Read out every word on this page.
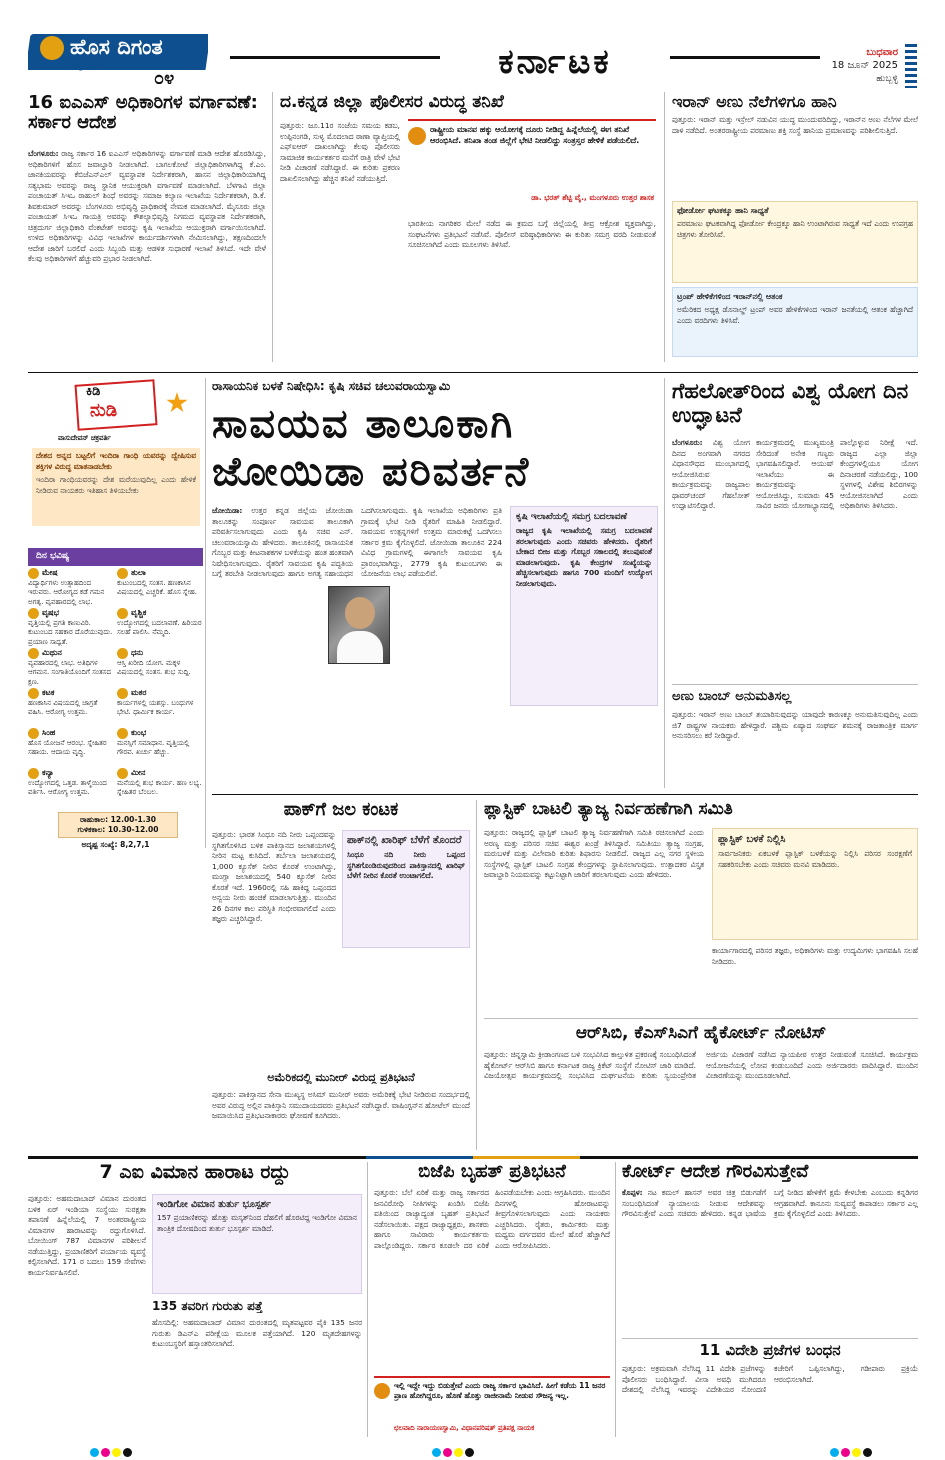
ಹೊಸ ದಿಗಂತ
ರಾಷ್ಟ್ರ ಜಾಗೃತಿಯ ಧ್ವನಿ
೦೪	ಕರ್ನಾಟಕ	ಬುಧವಾರ
18 ಜೂನ್ 2025
ಹುಬ್ಬಳ್ಳಿ
16 ಐಎಎಸ್ ಅಧಿಕಾರಿಗಳ ವರ್ಗಾವಣೆ: ಸರ್ಕಾರ ಆದೇಶ
ಬೆಂಗಳೂರು: ರಾಜ್ಯ ಸರ್ಕಾರ 16 ಐಎಎಸ್ ಅಧಿಕಾರಿಗಳನ್ನು ವರ್ಗಾವಣೆ ಮಾಡಿ ಆದೇಶ ಹೊರಡಿಸಿದ್ದು, ಅಧಿಕಾರಿಗಳಿಗೆ ಹೊಸ ಜವಾಬ್ದಾರಿ ನೀಡಲಾಗಿದೆ. ಬಾಗಲಕೋಟೆ ಜಿಲ್ಲಾಧಿಕಾರಿಗಳಾಗಿದ್ದ ಕೆ.ಎಂ. ಜಾನಕಿಯವರನ್ನು ಕೆಬಿಜೆಎನ್‌ಎಲ್ ವ್ಯವಸ್ಥಾಪಕ ನಿರ್ದೇಶಕರಾಗಿ, ಹಾಸನ ಜಿಲ್ಲಾಧಿಕಾರಿಯಾಗಿದ್ದ ಸತ್ಯಭಾಮ ಅವರನ್ನು ರಾಜ್ಯ ಸ್ಥಾನಿಕ ಆಯುಕ್ತರಾಗಿ ವರ್ಗಾವಣೆ ಮಾಡಲಾಗಿದೆ. ಬೆಳಗಾವಿ ಜಿಲ್ಲಾ ಪಂಚಾಯತ್ ಸಿಇಒ ರಾಹುಲ್ ಶಿಂಧೆ ಅವರನ್ನು ಸಮಾಜ ಕಲ್ಯಾಣ ಇಲಾಖೆಯ ನಿರ್ದೇಶಕರಾಗಿ, ಡಿ.ಕೆ. ಶಿವಕುಮಾರ್ ಅವರನ್ನು ಬೆಂಗಳೂರು ಅಭಿವೃದ್ಧಿ ಪ್ರಾಧಿಕಾರಕ್ಕೆ ನೇಮಕ ಮಾಡಲಾಗಿದೆ. ಮೈಸೂರು ಜಿಲ್ಲಾ ಪಂಚಾಯತ್ ಸಿಇಒ ಗಾಯತ್ರಿ ಅವರನ್ನು ಕೌಶಲ್ಯಾಭಿವೃದ್ಧಿ ನಿಗಮದ ವ್ಯವಸ್ಥಾಪಕ ನಿರ್ದೇಶಕರಾಗಿ, ಚಿತ್ರದುರ್ಗ ಜಿಲ್ಲಾಧಿಕಾರಿ ವೆಂಕಟೇಶ್ ಅವರನ್ನು ಕೃಷಿ ಇಲಾಖೆಯ ಆಯುಕ್ತರಾಗಿ ವರ್ಗಾಯಿಸಲಾಗಿದೆ. ಉಳಿದ ಅಧಿಕಾರಿಗಳನ್ನು ವಿವಿಧ ಇಲಾಖೆಗಳ ಕಾರ್ಯದರ್ಶಿಗಳಾಗಿ ನೇಮಿಸಲಾಗಿದ್ದು, ತಕ್ಷಣದಿಂದಲೇ ಆದೇಶ ಜಾರಿಗೆ ಬರಲಿದೆ ಎಂದು ಸಿಬ್ಬಂದಿ ಮತ್ತು ಆಡಳಿತ ಸುಧಾರಣೆ ಇಲಾಖೆ ತಿಳಿಸಿದೆ. ಇದೇ ವೇಳೆ ಕೆಲವು ಅಧಿಕಾರಿಗಳಿಗೆ ಹೆಚ್ಚುವರಿ ಪ್ರಭಾರ ನೀಡಲಾಗಿದೆ.
ದ.ಕನ್ನಡ ಜಿಲ್ಲಾ ಪೊಲೀಸರ ವಿರುದ್ಧ ತನಿಖೆ
ಪುತ್ತೂರು: ಜೂ.11ರ ಸಂಜೆಯ ಸಮಯ ಕಡಬ, ಉಪ್ಪಿನಂಗಡಿ, ಸುಳ್ಯ ಮೊದಲಾದ ಠಾಣಾ ವ್ಯಾಪ್ತಿಯಲ್ಲಿ ಎಫ್‌ಐಆರ್ ದಾಖಲಾಗಿದ್ದು ಕೆಲವು ಪೊಲೀಸರು ಸಾಮಾಜಿಕ ಕಾರ್ಯಕರ್ತರ ಮನೆಗೆ ರಾತ್ರಿ ವೇಳೆ ಭೇಟಿ ನೀಡಿ ವಿಚಾರಣೆ ನಡೆಸಿದ್ದಾರೆ. ಈ ಕುರಿತು ಪ್ರಕರಣ ದಾಖಲಿಸಲಾಗಿದ್ದು ಹೆಚ್ಚಿನ ತನಿಖೆ ನಡೆಯುತ್ತಿದೆ.
ರಾಷ್ಟ್ರೀಯ ಮಾನವ ಹಕ್ಕು ಆಯೋಗಕ್ಕೆ ದೂರು ನೀಡಿದ್ದ ಹಿನ್ನೆಲೆಯಲ್ಲಿ ಈಗ ತನಿಖೆ ಆರಂಭಿಸಿದೆ. ತನಿಖಾ ತಂಡ ಜಿಲ್ಲೆಗೆ ಭೇಟಿ ನೀಡಲಿದ್ದು ಸಂತ್ರಸ್ತರ ಹೇಳಿಕೆ ಪಡೆಯಲಿದೆ.
ಡಾ. ಭರತ್ ಶೆಟ್ಟಿ ವೈ., ಮಂಗಳೂರು ಉತ್ತರ ಶಾಸಕ
ಭಾರತೀಯ ನಾಗರಿಕರ ಮೇಲೆ ನಡೆದ ಈ ಕ್ರಮದ ಬಗ್ಗೆ ಜಿಲ್ಲೆಯಲ್ಲಿ ತೀವ್ರ ಆಕ್ರೋಶ ವ್ಯಕ್ತವಾಗಿದ್ದು, ಸಂಘಟನೆಗಳು ಪ್ರತಿಭಟನೆ ನಡೆಸಿವೆ. ಪೊಲೀಸ್ ವರಿಷ್ಠಾಧಿಕಾರಿಗಳು ಈ ಕುರಿತು ಸಮಗ್ರ ವರದಿ ನೀಡುವಂತೆ ಸೂಚಿಸಲಾಗಿದೆ ಎಂದು ಮೂಲಗಳು ತಿಳಿಸಿವೆ.
ಇರಾನ್ ಅಣು ನೆಲೆಗಳಿಗೂ ಹಾನಿ
ಪುತ್ತೂರು: ಇರಾನ್ ಮತ್ತು ಇಸ್ರೇಲ್ ನಡುವಿನ ಯುದ್ಧ ಮುಂದುವರಿದಿದ್ದು, ಇರಾನ್‌ನ ಅಣು ನೆಲೆಗಳ ಮೇಲೆ ದಾಳಿ ನಡೆದಿದೆ. ಅಂತರರಾಷ್ಟ್ರೀಯ ಪರಮಾಣು ಶಕ್ತಿ ಸಂಸ್ಥೆ ಹಾನಿಯ ಪ್ರಮಾಣವನ್ನು ಪರಿಶೀಲಿಸುತ್ತಿದೆ.
ಫೋರ್ಡೋ ಘಟಕಕ್ಕೂ ಹಾನಿ ಸಾಧ್ಯತೆ
ಪರಮಾಣು ಘಟಕವಾಗಿದ್ದ ಫೋರ್ಡೋ ಕೇಂದ್ರಕ್ಕೂ ಹಾನಿ ಉಂಟಾಗಿರುವ ಸಾಧ್ಯತೆ ಇದೆ ಎಂದು ಉಪಗ್ರಹ ಚಿತ್ರಗಳು ತೋರಿಸಿವೆ.
ಟ್ರಂಪ್ ಹೇಳಿಕೆಗಳಿಂದ ಇರಾನ್‌ನಲ್ಲಿ ಆತಂಕ
ಅಮೆರಿಕದ ಅಧ್ಯಕ್ಷ ಡೊನಾಲ್ಡ್ ಟ್ರಂಪ್ ಅವರ ಹೇಳಿಕೆಗಳಿಂದ ಇರಾನ್ ಜನತೆಯಲ್ಲಿ ಆತಂಕ ಹೆಚ್ಚಾಗಿದೆ ಎಂದು ವರದಿಗಳು ತಿಳಿಸಿವೆ.
ಕಿಡಿ
ನುಡಿ
ವಾಸುದೇವನ್ ಚಕ್ರವರ್ತಿ
ದೇಶದ ಅನ್ನದ ಬಟ್ಟಲಿಗೆ ಇಂದಿರಾ ಗಾಂಧಿ ಯವರನ್ನು ದ್ವೇಷಿಸುವ ಶಕ್ತಿಗಳ ವಿರುದ್ಧ ಮಾತನಾಡಬೇಕು
ಇಂದಿರಾ ಗಾಂಧಿಯವರನ್ನು ದೇಶ ಮರೆಯುವುದಿಲ್ಲ ಎಂದು ಹೇಳಿಕೆ ನೀಡಿರುವ ನಾಯಕರು ಇತಿಹಾಸ ತಿಳಿಯಬೇಕು
ದಿನ ಭವಿಷ್ಯ
ಮೇಷ
ವಿದ್ಯಾರ್ಥಿಗಳು ಉತ್ಸಾಹದಿಂದ ಇರುವರು. ಆರೋಗ್ಯದ ಕಡೆ ಗಮನ ಅಗತ್ಯ. ವ್ಯವಹಾರದಲ್ಲಿ ಲಾಭ.
ತುಲಾ
ಕುಟುಂಬದಲ್ಲಿ ಸಂತಸ. ಹಣಕಾಸಿನ ವಿಷಯದಲ್ಲಿ ಎಚ್ಚರಿಕೆ. ಹೊಸ ಸ್ನೇಹ.
ವೃಷಭ
ವೃತ್ತಿಯಲ್ಲಿ ಪ್ರಗತಿ ಕಾಣುವಿರಿ. ಕುಟುಂಬದ ಸಹಕಾರ ದೊರೆಯುವುದು. ಪ್ರಯಾಣ ಸಾಧ್ಯತೆ.
ವೃಶ್ಚಿಕ
ಉದ್ಯೋಗದಲ್ಲಿ ಬದಲಾವಣೆ. ಹಿರಿಯರ ಸಲಹೆ ಪಾಲಿಸಿ. ನೆಮ್ಮದಿ.
ಮಿಥುನ
ವ್ಯವಹಾರದಲ್ಲಿ ಲಾಭ. ಅತಿಥಿಗಳ ಆಗಮನ. ಸಂಗಾತಿಯೊಂದಿಗೆ ಸಂತಸದ ಕ್ಷಣ.
ಧನು
ಆಸ್ತಿ ಖರೀದಿ ಯೋಗ. ಮಕ್ಕಳ ವಿಷಯದಲ್ಲಿ ಸಂತಸ. ಶುಭ ಸುದ್ದಿ.
ಕಟಕ
ಹಣಕಾಸಿನ ವಿಷಯದಲ್ಲಿ ಜಾಗ್ರತೆ ವಹಿಸಿ. ಆರೋಗ್ಯ ಉತ್ತಮ.
ಮಕರ
ಕಾರ್ಯಗಳಲ್ಲಿ ಯಶಸ್ಸು. ಬಂಧುಗಳ ಭೇಟಿ. ಧಾರ್ಮಿಕ ಕಾರ್ಯ.
ಸಿಂಹ
ಹೊಸ ಯೋಜನೆ ಆರಂಭ. ಸ್ನೇಹಿತರ ಸಹಾಯ. ಆದಾಯ ವೃದ್ಧಿ.
ಕುಂಭ
ಮನಸ್ಸಿಗೆ ಸಮಾಧಾನ. ವೃತ್ತಿಯಲ್ಲಿ ಗೌರವ. ಖರ್ಚು ಹೆಚ್ಚು.
ಕನ್ಯಾ
ಉದ್ಯೋಗದಲ್ಲಿ ಒತ್ತಡ. ತಾಳ್ಮೆಯಿಂದ ವರ್ತಿಸಿ. ಆರೋಗ್ಯ ಉತ್ತಮ.
ಮೀನ
ಮನೆಯಲ್ಲಿ ಶುಭ ಕಾರ್ಯ. ಹಣ ಲಭ್ಯ. ಸ್ನೇಹಿತರ ಬೆಂಬಲ.
ರಾಹುಕಾಲ: 12.00-1.30
ಗುಳಿಕಕಾಲ: 10.30-12.00
ಅದೃಷ್ಟ ಸಂಖ್ಯೆ: 8,2,7,1
ರಾಸಾಯನಿಕ ಬಳಕೆ ನಿಷೇಧಿಸಿ: ಕೃಷಿ ಸಚಿವ ಚಲುವರಾಯಸ್ವಾಮಿ
ಸಾವಯವ ತಾಲೂಕಾಗಿ
ಜೋಯಿಡಾ ಪರಿವರ್ತನೆ
ಜೋಯಿಡಾ: ಉತ್ತರ ಕನ್ನಡ ಜಿಲ್ಲೆಯ ಜೋಯಿಡಾ ತಾಲೂಕನ್ನು ಸಂಪೂರ್ಣ ಸಾವಯವ ತಾಲೂಕಾಗಿ ಪರಿವರ್ತಿಸಲಾಗುವುದು ಎಂದು ಕೃಷಿ ಸಚಿವ ಎನ್. ಚಲುವರಾಯಸ್ವಾಮಿ ಹೇಳಿದರು. ತಾಲೂಕಿನಲ್ಲಿ ರಾಸಾಯನಿಕ ಗೊಬ್ಬರ ಮತ್ತು ಕೀಟನಾಶಕಗಳ ಬಳಕೆಯನ್ನು ಹಂತ ಹಂತವಾಗಿ ನಿಷೇಧಿಸಲಾಗುವುದು. ರೈತರಿಗೆ ಸಾವಯವ ಕೃಷಿ ಪದ್ಧತಿಯ ಬಗ್ಗೆ ತರಬೇತಿ ನೀಡಲಾಗುವುದು ಹಾಗೂ ಅಗತ್ಯ ಸಹಾಯಧನ ಒದಗಿಸಲಾಗುವುದು. ಕೃಷಿ ಇಲಾಖೆಯ ಅಧಿಕಾರಿಗಳು ಪ್ರತಿ ಗ್ರಾಮಕ್ಕೆ ಭೇಟಿ ನೀಡಿ ರೈತರಿಗೆ ಮಾಹಿತಿ ನೀಡಲಿದ್ದಾರೆ. ಸಾವಯವ ಉತ್ಪನ್ನಗಳಿಗೆ ಉತ್ತಮ ಮಾರುಕಟ್ಟೆ ಒದಗಿಸಲು ಸರ್ಕಾರ ಕ್ರಮ ಕೈಗೊಳ್ಳಲಿದೆ. ಜೋಯಿಡಾ ತಾಲೂಕಿನ 224 ವಿವಿಧ ಗ್ರಾಮಗಳಲ್ಲಿ ಈಗಾಗಲೇ ಸಾವಯವ ಕೃಷಿ ಪ್ರಾರಂಭವಾಗಿದ್ದು, 2779 ಕೃಷಿ ಕುಟುಂಬಗಳು ಈ ಯೋಜನೆಯ ಲಾಭ ಪಡೆಯಲಿವೆ.
ಕೃಷಿ ಇಲಾಖೆಯಲ್ಲಿ ಸಮಗ್ರ ಬದಲಾವಣೆ
ರಾಜ್ಯದ ಕೃಷಿ ಇಲಾಖೆಯಲ್ಲಿ ಸಮಗ್ರ ಬದಲಾವಣೆ ತರಲಾಗುವುದು ಎಂದು ಸಚಿವರು ಹೇಳಿದರು. ರೈತರಿಗೆ ಬೇಕಾದ ಬೀಜ ಮತ್ತು ಗೊಬ್ಬರ ಸಕಾಲದಲ್ಲಿ ತಲುಪುವಂತೆ ಮಾಡಲಾಗುವುದು. ಕೃಷಿ ಕೇಂದ್ರಗಳ ಸಂಖ್ಯೆಯನ್ನು ಹೆಚ್ಚಿಸಲಾಗುವುದು ಹಾಗೂ 700 ಮಂದಿಗೆ ಉದ್ಯೋಗ ನೀಡಲಾಗುವುದು.
ಗೆಹಲೋತ್‌ರಿಂದ ವಿಶ್ವ ಯೋಗ ದಿನ ಉದ್ಘಾಟನೆ
ಬೆಂಗಳೂರು: ವಿಶ್ವ ಯೋಗ ದಿನದ ಅಂಗವಾಗಿ ನಗರದ ವಿಧಾನಸೌಧದ ಮುಂಭಾಗದಲ್ಲಿ ಆಯೋಜಿಸಿರುವ ಕಾರ್ಯಕ್ರಮವನ್ನು ರಾಜ್ಯಪಾಲ ಥಾವರ್‌ಚಂದ್ ಗೆಹಲೋತ್ ಉದ್ಘಾಟಿಸಲಿದ್ದಾರೆ. ಕಾರ್ಯಕ್ರಮದಲ್ಲಿ ಮುಖ್ಯಮಂತ್ರಿ ಸೇರಿದಂತೆ ಅನೇಕ ಗಣ್ಯರು ಭಾಗವಹಿಸಲಿದ್ದಾರೆ. ಆಯುಷ್ ಇಲಾಖೆಯು ಈ ಕಾರ್ಯಕ್ರಮವನ್ನು ಆಯೋಜಿಸಿದ್ದು, ಸುಮಾರು 45 ಸಾವಿರ ಜನರು ಯೋಗಾಭ್ಯಾಸದಲ್ಲಿ ಪಾಲ್ಗೊಳ್ಳುವ ನಿರೀಕ್ಷೆ ಇದೆ. ರಾಜ್ಯದ ಎಲ್ಲಾ ಜಿಲ್ಲಾ ಕೇಂದ್ರಗಳಲ್ಲಿಯೂ ಯೋಗ ದಿನಾಚರಣೆ ನಡೆಯಲಿದ್ದು, 100 ಸ್ಥಳಗಳಲ್ಲಿ ವಿಶೇಷ ಶಿಬಿರಗಳನ್ನು ಆಯೋಜಿಸಲಾಗಿದೆ ಎಂದು ಅಧಿಕಾರಿಗಳು ತಿಳಿಸಿದರು.
ಅಣು ಬಾಂಬ್ ಅನುಮತಿಸಲ್ಲ
ಪುತ್ತೂರು: ಇರಾನ್ ಅಣು ಬಾಂಬ್ ತಯಾರಿಸುವುದನ್ನು ಯಾವುದೇ ಕಾರಣಕ್ಕೂ ಅನುಮತಿಸುವುದಿಲ್ಲ ಎಂದು ಜಿ7 ರಾಷ್ಟ್ರಗಳ ನಾಯಕರು ಹೇಳಿದ್ದಾರೆ. ಪಶ್ಚಿಮ ಏಷ್ಯಾದ ಸಂಘರ್ಷ ಶಮನಕ್ಕೆ ರಾಜತಾಂತ್ರಿಕ ಮಾರ್ಗ ಅನುಸರಿಸಲು ಕರೆ ನೀಡಿದ್ದಾರೆ.
ಪಾಕ್‌ಗೆ ಜಲ ಕಂಟಕ
ಪುತ್ತೂರು: ಭಾರತ ಸಿಂಧೂ ನದಿ ನೀರು ಒಪ್ಪಂದವನ್ನು ಸ್ಥಗಿತಗೊಳಿಸಿದ ಬಳಿಕ ಪಾಕಿಸ್ತಾನದ ಜಲಾಶಯಗಳಲ್ಲಿ ನೀರಿನ ಮಟ್ಟ ಕುಸಿದಿದೆ. ತರ್ಬೆಲಾ ಜಲಾಶಯದಲ್ಲಿ 1,000 ಕ್ಯೂಸೆಕ್ ನೀರಿನ ಕೊರತೆ ಉಂಟಾಗಿದ್ದು, ಮಂಗ್ಲಾ ಜಲಾಶಯದಲ್ಲಿ 540 ಕ್ಯೂಸೆಕ್ ನೀರಿನ ಕೊರತೆ ಇದೆ. 1960ರಲ್ಲಿ ಸಹಿ ಹಾಕಿದ್ದ ಒಪ್ಪಂದದ ಅನ್ವಯ ನೀರು ಹಂಚಿಕೆ ಮಾಡಲಾಗುತ್ತಿತ್ತು. ಮುಂದಿನ 26 ದಿನಗಳ ಕಾಲ ಪರಿಸ್ಥಿತಿ ಗಂಭೀರವಾಗಲಿದೆ ಎಂದು ತಜ್ಞರು ಎಚ್ಚರಿಸಿದ್ದಾರೆ.
ಪಾಕ್‌ನಲ್ಲಿ ಖಾರಿಫ್ ಬೆಳೆಗೆ ತೊಂದರೆ
ಸಿಂಧೂ ನದಿ ನೀರು ಒಪ್ಪಂದ ಸ್ಥಗಿತಗೊಂಡಿರುವುದರಿಂದ ಪಾಕಿಸ್ತಾನದಲ್ಲಿ ಖಾರಿಫ್ ಬೆಳೆಗೆ ನೀರಿನ ಕೊರತೆ ಉಂಟಾಗಲಿದೆ.
ಅಮೆರಿಕದಲ್ಲಿ ಮುನೀರ್ ವಿರುದ್ಧ ಪ್ರತಿಭಟನೆ
ಪುತ್ತೂರು: ಪಾಕಿಸ್ತಾನದ ಸೇನಾ ಮುಖ್ಯಸ್ಥ ಅಸಿಮ್ ಮುನೀರ್ ಅವರು ಅಮೆರಿಕಕ್ಕೆ ಭೇಟಿ ನೀಡಿರುವ ಸಂದರ್ಭದಲ್ಲಿ ಅವರ ವಿರುದ್ಧ ಅಲ್ಲಿನ ಪಾಕಿಸ್ತಾನಿ ಸಮುದಾಯದವರು ಪ್ರತಿಭಟನೆ ನಡೆಸಿದ್ದಾರೆ. ವಾಷಿಂಗ್ಟನ್‌ನ ಹೋಟೆಲ್ ಮುಂದೆ ಜಮಾಯಿಸಿದ ಪ್ರತಿಭಟನಾಕಾರರು ಘೋಷಣೆ ಕೂಗಿದರು.
ಪ್ಲಾಸ್ಟಿಕ್ ಬಾಟಲಿ ತ್ಯಾಜ್ಯ ನಿರ್ವಹಣೆಗಾಗಿ ಸಮಿತಿ
ಪುತ್ತೂರು: ರಾಜ್ಯದಲ್ಲಿ ಪ್ಲಾಸ್ಟಿಕ್ ಬಾಟಲಿ ತ್ಯಾಜ್ಯ ನಿರ್ವಹಣೆಗಾಗಿ ಸಮಿತಿ ರಚಿಸಲಾಗಿದೆ ಎಂದು ಅರಣ್ಯ ಮತ್ತು ಪರಿಸರ ಸಚಿವ ಈಶ್ವರ ಖಂಡ್ರೆ ತಿಳಿಸಿದ್ದಾರೆ. ಸಮಿತಿಯು ತ್ಯಾಜ್ಯ ಸಂಗ್ರಹ, ಮರುಬಳಕೆ ಮತ್ತು ವಿಲೇವಾರಿ ಕುರಿತು ಶಿಫಾರಸು ನೀಡಲಿದೆ. ರಾಜ್ಯದ ಎಲ್ಲ ನಗರ ಸ್ಥಳೀಯ ಸಂಸ್ಥೆಗಳಲ್ಲಿ ಪ್ಲಾಸ್ಟಿಕ್ ಬಾಟಲಿ ಸಂಗ್ರಹ ಕೇಂದ್ರಗಳನ್ನು ಸ್ಥಾಪಿಸಲಾಗುವುದು. ಉತ್ಪಾದಕರ ವಿಸ್ತೃತ ಜವಾಬ್ದಾರಿ ನಿಯಮವನ್ನು ಕಟ್ಟುನಿಟ್ಟಾಗಿ ಜಾರಿಗೆ ತರಲಾಗುವುದು ಎಂದು ಹೇಳಿದರು.
ಪ್ಲಾಸ್ಟಿಕ್ ಬಳಕೆ ನಿಲ್ಲಿಸಿ
ಸಾರ್ವಜನಿಕರು ಏಕಬಳಕೆ ಪ್ಲಾಸ್ಟಿಕ್ ಬಳಕೆಯನ್ನು ನಿಲ್ಲಿಸಿ ಪರಿಸರ ಸಂರಕ್ಷಣೆಗೆ ಸಹಕರಿಸಬೇಕು ಎಂದು ಸಚಿವರು ಮನವಿ ಮಾಡಿದರು.
ಕಾರ್ಯಾಗಾರದಲ್ಲಿ ಪರಿಸರ ತಜ್ಞರು, ಅಧಿಕಾರಿಗಳು ಮತ್ತು ಉದ್ಯಮಿಗಳು ಭಾಗವಹಿಸಿ ಸಲಹೆ ನೀಡಿದರು.
ಆರ್‌ಸಿಬಿ, ಕೆಎಸ್‌ಸಿಎಗೆ ಹೈಕೋರ್ಟ್ ನೋಟಿಸ್
ಪುತ್ತೂರು: ಚಿನ್ನಸ್ವಾಮಿ ಕ್ರೀಡಾಂಗಣದ ಬಳಿ ಸಂಭವಿಸಿದ ಕಾಲ್ತುಳಿತ ಪ್ರಕರಣಕ್ಕೆ ಸಂಬಂಧಿಸಿದಂತೆ ಹೈಕೋರ್ಟ್ ಆರ್‌ಸಿಬಿ ಹಾಗೂ ಕರ್ನಾಟಕ ರಾಜ್ಯ ಕ್ರಿಕೆಟ್ ಸಂಸ್ಥೆಗೆ ನೋಟಿಸ್ ಜಾರಿ ಮಾಡಿದೆ. ವಿಜಯೋತ್ಸವ ಕಾರ್ಯಕ್ರಮದಲ್ಲಿ ಸಂಭವಿಸಿದ ದುರ್ಘಟನೆಯ ಕುರಿತು ಸ್ವಯಂಪ್ರೇರಿತ ಅರ್ಜಿಯ ವಿಚಾರಣೆ ನಡೆಸಿದ ನ್ಯಾಯಪೀಠ ಉತ್ತರ ನೀಡುವಂತೆ ಸೂಚಿಸಿದೆ. ಕಾರ್ಯಕ್ರಮ ಆಯೋಜನೆಯಲ್ಲಿ ಲೋಪ ಕಂಡುಬಂದಿದೆ ಎಂದು ಅರ್ಜಿದಾರರು ವಾದಿಸಿದ್ದಾರೆ. ಮುಂದಿನ ವಿಚಾರಣೆಯನ್ನು ಮುಂದೂಡಲಾಗಿದೆ.
7 ಎಐ ವಿಮಾನ ಹಾರಾಟ ರದ್ದು
ಪುತ್ತೂರು: ಅಹಮದಾಬಾದ್ ವಿಮಾನ ದುರಂತದ ಬಳಿಕ ಏರ್ ಇಂಡಿಯಾ ಸಂಸ್ಥೆಯು ಸುರಕ್ಷತಾ ತಪಾಸಣೆ ಹಿನ್ನೆಲೆಯಲ್ಲಿ 7 ಅಂತರರಾಷ್ಟ್ರೀಯ ವಿಮಾನಗಳ ಹಾರಾಟವನ್ನು ರದ್ದುಗೊಳಿಸಿದೆ. ಬೋಯಿಂಗ್ 787 ವಿಮಾನಗಳ ಪರಿಶೀಲನೆ ನಡೆಯುತ್ತಿದ್ದು, ಪ್ರಯಾಣಿಕರಿಗೆ ಪರ್ಯಾಯ ವ್ಯವಸ್ಥೆ ಕಲ್ಪಿಸಲಾಗಿದೆ. 171 ರ ಬದಲು 159 ಸೇವೆಗಳು ಕಾರ್ಯನಿರ್ವಹಿಸಲಿವೆ.
ಇಂಡಿಗೋ ವಿಮಾನ ತುರ್ತು ಭೂಸ್ಪರ್ಶ
157 ಪ್ರಯಾಣಿಕರನ್ನು ಹೊತ್ತು ಮಸ್ಕತ್‌ನಿಂದ ದೆಹಲಿಗೆ ಹೊರಟಿದ್ದ ಇಂಡಿಗೋ ವಿಮಾನ ತಾಂತ್ರಿಕ ದೋಷದಿಂದ ತುರ್ತು ಭೂಸ್ಪರ್ಶ ಮಾಡಿದೆ.
135 ತವರಿಗ ಗುರುತು ಪತ್ತೆ
ಹೊಸದಿಲ್ಲಿ: ಅಹಮದಾಬಾದ್ ವಿಮಾನ ದುರಂತದಲ್ಲಿ ಮೃತಪಟ್ಟವರ ಪೈಕಿ 135 ಜನರ ಗುರುತು ಡಿಎನ್‌ಎ ಪರೀಕ್ಷೆಯ ಮೂಲಕ ಪತ್ತೆಯಾಗಿದೆ. 120 ಮೃತದೇಹಗಳನ್ನು ಕುಟುಂಬಸ್ಥರಿಗೆ ಹಸ್ತಾಂತರಿಸಲಾಗಿದೆ.
ಬಿಜೆಪಿ ಬೃಹತ್ ಪ್ರತಿಭಟನೆ
ಪುತ್ತೂರು: ಬೆಲೆ ಏರಿಕೆ ಮತ್ತು ರಾಜ್ಯ ಸರ್ಕಾರದ ಜನವಿರೋಧಿ ನೀತಿಗಳನ್ನು ಖಂಡಿಸಿ ಬಿಜೆಪಿ ವತಿಯಿಂದ ರಾಜ್ಯಾದ್ಯಂತ ಬೃಹತ್ ಪ್ರತಿಭಟನೆ ನಡೆಸಲಾಯಿತು. ಪಕ್ಷದ ರಾಜ್ಯಾಧ್ಯಕ್ಷರು, ಶಾಸಕರು ಹಾಗೂ ಸಾವಿರಾರು ಕಾರ್ಯಕರ್ತರು ಪಾಲ್ಗೊಂಡಿದ್ದರು. ಸರ್ಕಾರ ಕೂಡಲೇ ದರ ಏರಿಕೆ ಹಿಂಪಡೆಯಬೇಕು ಎಂದು ಆಗ್ರಹಿಸಿದರು. ಮುಂದಿನ ದಿನಗಳಲ್ಲಿ ಹೋರಾಟವನ್ನು ತೀವ್ರಗೊಳಿಸಲಾಗುವುದು ಎಂದು ನಾಯಕರು ಎಚ್ಚರಿಸಿದರು. ರೈತರು, ಕಾರ್ಮಿಕರು ಮತ್ತು ಮಧ್ಯಮ ವರ್ಗದವರ ಮೇಲೆ ಹೊರೆ ಹೆಚ್ಚಾಗಿದೆ ಎಂದು ಆರೋಪಿಸಿದರು.
ಇಲ್ಲಿ ಇದ್ದೇ ಇದ್ದು ಬಿಡುತ್ತೇವೆ ಎಂದು ರಾಜ್ಯ ಸರ್ಕಾರ ಭಾವಿಸಿದೆ. ಹೀಗೆ ಕಡೆಯ 11 ಜನರ ಪ್ರಾಣ ಹೋಗಿದ್ದರೂ, ಹೊಣೆ ಹೊತ್ತು ರಾಜೀನಾಮೆ ನೀಡುವ ಸೌಜನ್ಯ ಇಲ್ಲ.
ಛಲವಾದಿ ನಾರಾಯಣಸ್ವಾಮಿ, ವಿಧಾನಪರಿಷತ್ ಪ್ರತಿಪಕ್ಷ ನಾಯಕ
ಕೋರ್ಟ್ ಆದೇಶ ಗೌರವಿಸುತ್ತೇವೆ
ಕೊಪ್ಪಳ: ನಟ ಕಮಲ್ ಹಾಸನ್ ಅವರ ಚಿತ್ರ ಬಿಡುಗಡೆಗೆ ಸಂಬಂಧಿಸಿದಂತೆ ನ್ಯಾಯಾಲಯ ನೀಡುವ ಆದೇಶವನ್ನು ಗೌರವಿಸುತ್ತೇವೆ ಎಂದು ಸಚಿವರು ಹೇಳಿದರು. ಕನ್ನಡ ಭಾಷೆಯ ಬಗ್ಗೆ ನೀಡಿದ ಹೇಳಿಕೆಗೆ ಕ್ಷಮೆ ಕೇಳಬೇಕು ಎಂಬುದು ಕನ್ನಡಿಗರ ಆಗ್ರಹವಾಗಿದೆ. ಕಾನೂನು ಸುವ್ಯವಸ್ಥೆ ಕಾಪಾಡಲು ಸರ್ಕಾರ ಎಲ್ಲ ಕ್ರಮ ಕೈಗೊಳ್ಳಲಿದೆ ಎಂದು ತಿಳಿಸಿದರು.
11 ವಿದೇಶಿ ಪ್ರಜೆಗಳ ಬಂಧನ
ಪುತ್ತೂರು: ಅಕ್ರಮವಾಗಿ ನೆಲೆಸಿದ್ದ 11 ವಿದೇಶಿ ಪ್ರಜೆಗಳನ್ನು ಪೊಲೀಸರು ಬಂಧಿಸಿದ್ದಾರೆ. ವೀಸಾ ಅವಧಿ ಮುಗಿದರೂ ದೇಶದಲ್ಲಿ ನೆಲೆಸಿದ್ದ ಇವರನ್ನು ವಿದೇಶಿಯರ ನೋಂದಣಿ ಕಚೇರಿಗೆ ಒಪ್ಪಿಸಲಾಗಿದ್ದು, ಗಡೀಪಾರು ಪ್ರಕ್ರಿಯೆ ಆರಂಭಿಸಲಾಗಿದೆ.
